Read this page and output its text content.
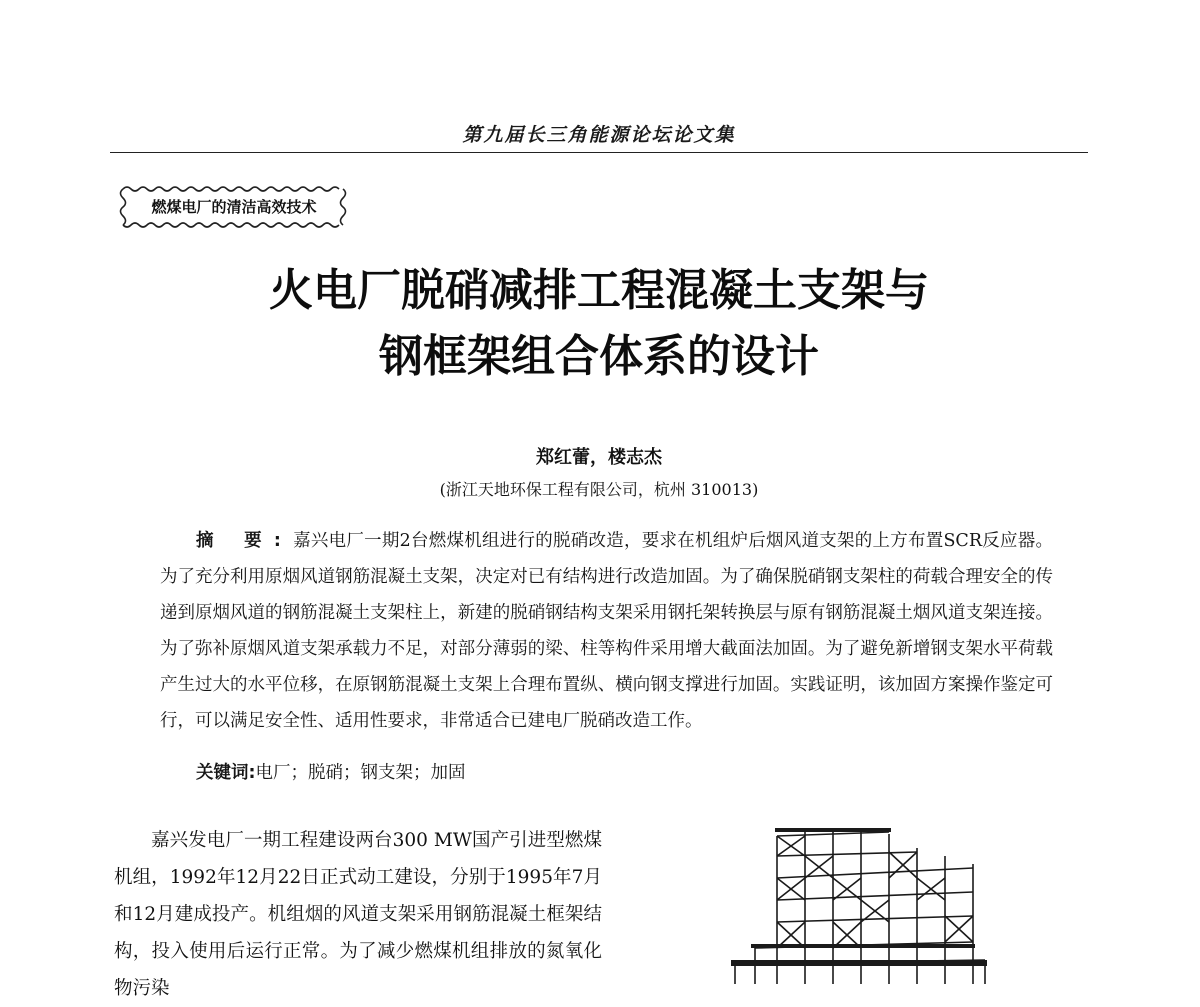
第九届长三角能源论坛论文集
燃煤电厂的清洁高效技术
火电厂脱硝减排工程混凝土支架与
钢框架组合体系的设计
郑红蕾，楼志杰
(浙江天地环保工程有限公司，杭州 310013)
摘 要:嘉兴电厂一期2台燃煤机组进行的脱硝改造，要求在机组炉后烟风道支架的上方布置SCR反应器。为了充分利用原烟风道钢筋混凝土支架，决定对已有结构进行改造加固。为了确保脱硝钢支架柱的荷载合理安全的传递到原烟风道的钢筋混凝土支架柱上，新建的脱硝钢结构支架采用钢托架转换层与原有钢筋混凝土烟风道支架连接。为了弥补原烟风道支架承载力不足，对部分薄弱的梁、柱等构件采用增大截面法加固。为了避免新增钢支架水平荷载产生过大的水平位移，在原钢筋混凝土支架上合理布置纵、横向钢支撑进行加固。实践证明，该加固方案操作鉴定可行，可以满足安全性、适用性要求，非常适合已建电厂脱硝改造工作。
关键词:电厂；脱硝；钢支架；加固
嘉兴发电厂一期工程建设两台300 MW国产引进型燃煤机组，1992年12月22日正式动工建设，分别于1995年7月和12月建成投产。机组烟的风道支架采用钢筋混凝土框架结构，投入使用后运行正常。为了减少燃煤机组排放的氮氧化物污染
